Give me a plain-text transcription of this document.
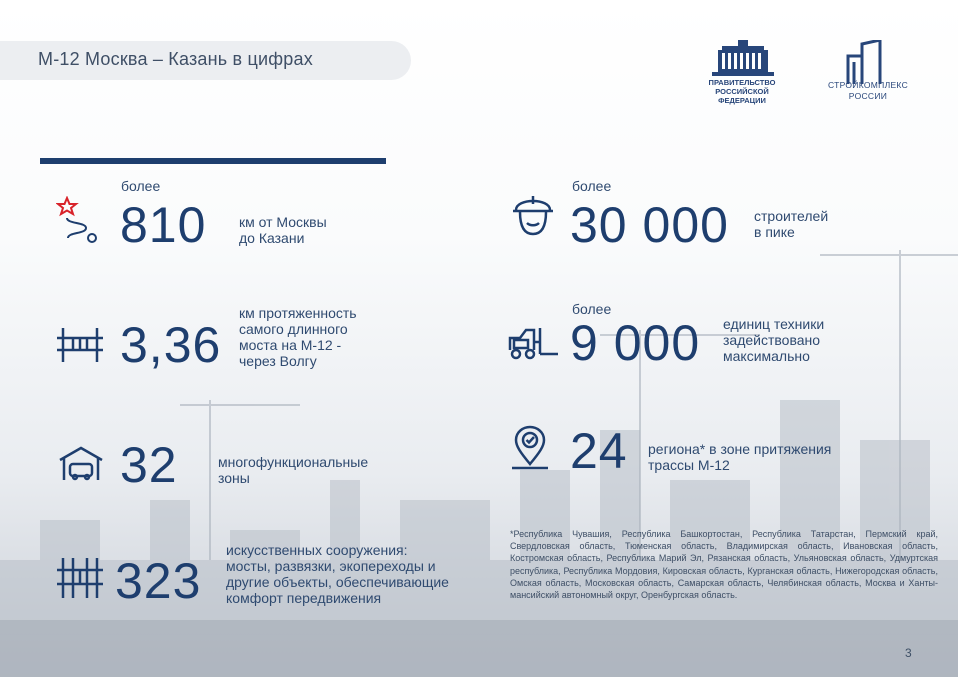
М-12 Москва – Казань в цифрах
ПРАВИТЕЛЬСТВО РОССИЙСКОЙ ФЕДЕРАЦИИ
СТРОЙКОМПЛЕКС РОССИИ
более
810 км от Москвы
до Казани
3,36
км протяженность
самого длинного
моста на М-12 -
через Волгу
32	многофункциональные
зоны
323
искусственных сооружения:
мосты, развязки, экопереходы и
другие объекты, обеспечивающие
комфорт передвижения
более
30 000 строителей
в пике
более
9 000 единиц техники
задействовано
максимально
24 региона* в зоне притяжения
трассы М-12
*Республика Чувашия, Республика Башкортостан, Республика Татарстан, Пермский край, Свердловская область, Тюменская область, Владимирская область, Ивановская область, Костромская область, Республика Марий Эл, Рязанская область, Ульяновская область, Удмуртская республика, Республика Мордовия, Кировская область, Курганская область, Нижегородская область, Омская область, Московская область, Самарская область, Челябинская область, Москва и Ханты-мансийский автономный округ, Оренбургская область.
3
